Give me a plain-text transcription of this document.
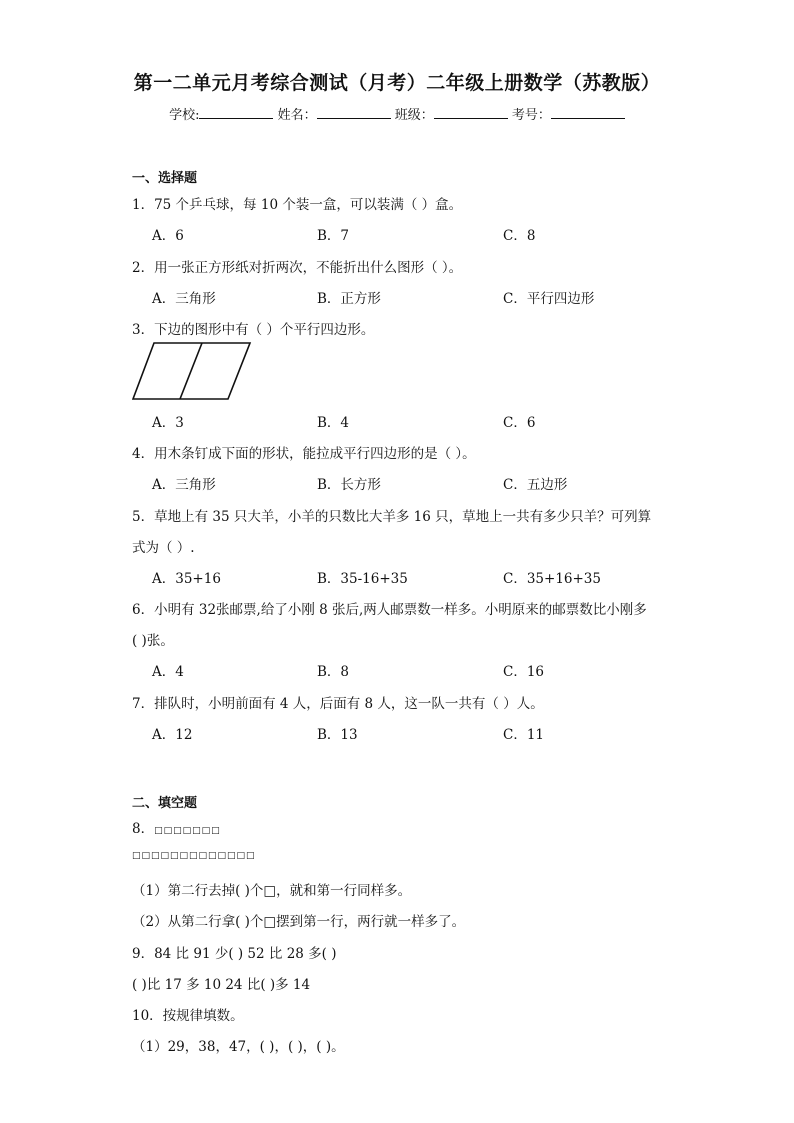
第一二单元月考综合测试（月考）二年级上册数学（苏教版）
学校:	姓名：	班级：	考号：
一、选择题
1．75 个乒乓球，每 10 个装一盒，可以装满（ ）盒。
A．6	B．7	C．8
2．用一张正方形纸对折两次，不能折出什么图形（ ）。
A．三角形	B．正方形	C．平行四边形
3．下边的图形中有（ ）个平行四边形。
A．3	B．4	C．6
4．用木条钉成下面的形状，能拉成平行四边形的是（ ）。
A．三角形	B．长方形	C．五边形
5．草地上有 35 只大羊，小羊的只数比大羊多 16 只，草地上一共有多少只羊？可列算
式为（ ）.
A．35+16	B．35-16+35	C．35+16+35
6．小明有 32张邮票,给了小刚 8 张后,两人邮票数一样多。小明原来的邮票数比小刚多
( )张。
A．4	B．8	C．16
7．排队时，小明前面有 4 人，后面有 8 人，这一队一共有（ ）人。
A．12	B．13	C．11
二、填空题
8．□□□□□□□
□□□□□□□□□□□□□
（1）第二行去掉( )个□，就和第一行同样多。
（2）从第二行拿( )个□摆到第一行，两行就一样多了。
9．84 比 91 少( ) 52 比 28 多( )
( )比 17 多 10 24 比( )多 14
10．按规律填数。
（1）29，38，47，( )，( )，( )。
